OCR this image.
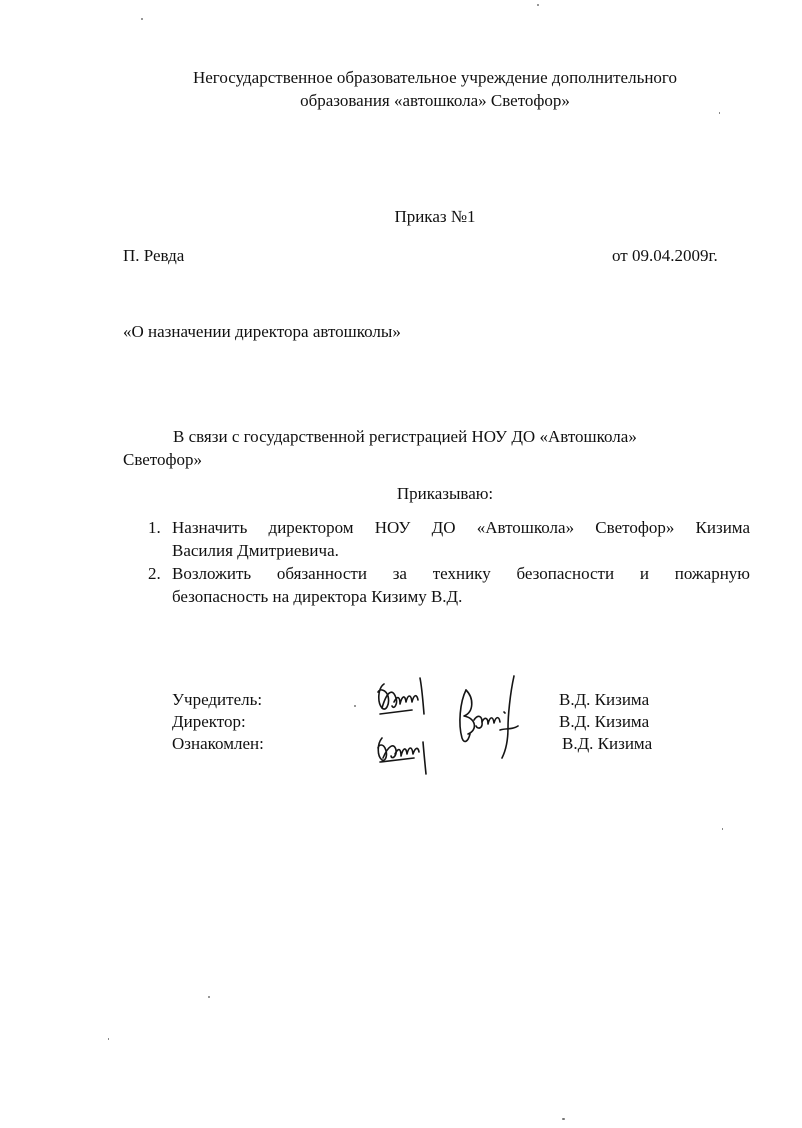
Негосударственное образовательное учреждение дополнительного
образования «автошкола» Светофор»
Приказ №1
П. Ревда	от 09.04.2009г.
«О назначении директора автошколы»
В связи с государственной регистрацией НОУ ДО «Автошкола»
Светофор»
Приказываю:
1. Назначить директором НОУ ДО «Автошкола» Светофор» Кизима
Василия Дмитриевича.
2. Возложить обязанности за технику безопасности и пожарную
безопасность на директора Кизиму В.Д.
Учредитель:
Директор:
Ознакомлен:
В.Д. Кизима
В.Д. Кизима
В.Д. Кизима
